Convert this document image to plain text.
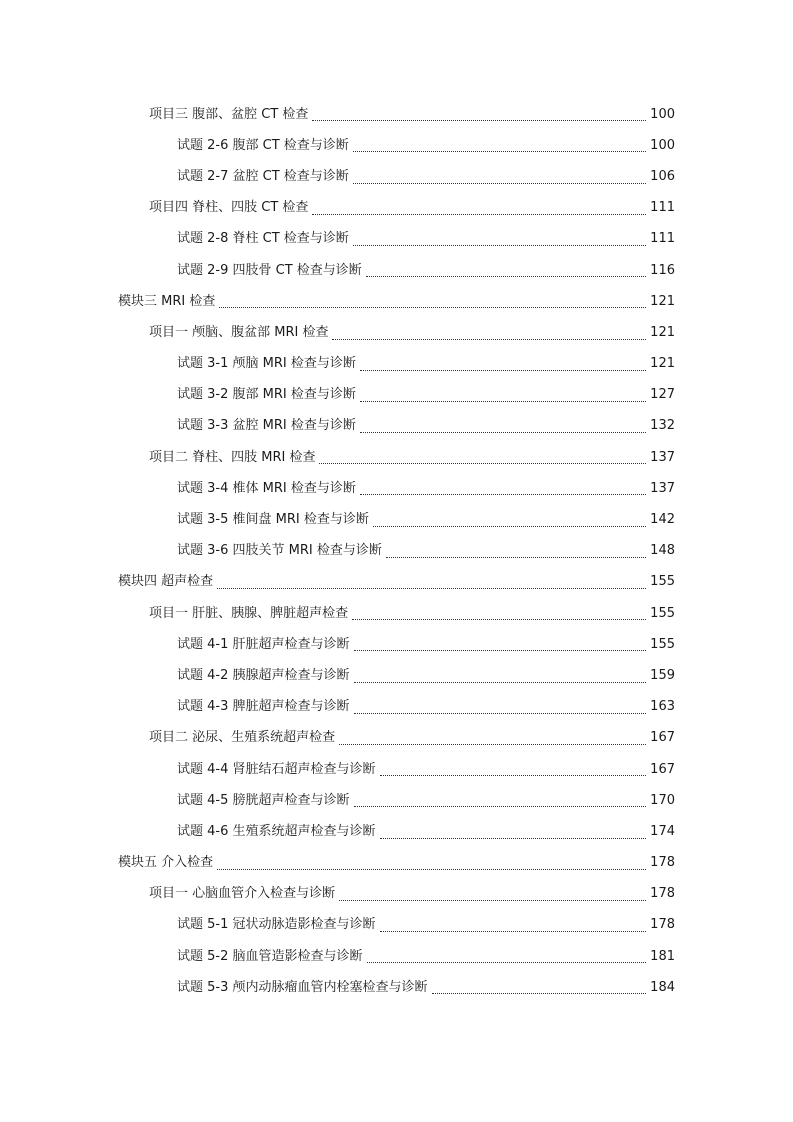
项目三 腹部、盆腔 CT 检查	100
试题 2-6 腹部 CT 检查与诊断	100
试题 2-7 盆腔 CT 检查与诊断	106
项目四 脊柱、四肢 CT 检查	111
试题 2-8 脊柱 CT 检查与诊断	111
试题 2-9 四肢骨 CT 检查与诊断	116
模块三 MRI 检查	121
项目一 颅脑、腹盆部 MRI 检查	121
试题 3-1 颅脑 MRI 检查与诊断	121
试题 3-2 腹部 MRI 检查与诊断	127
试题 3-3 盆腔 MRI 检查与诊断	132
项目二 脊柱、四肢 MRI 检查	137
试题 3-4 椎体 MRI 检查与诊断	137
试题 3-5 椎间盘 MRI 检查与诊断	142
试题 3-6 四肢关节 MRI 检查与诊断	148
模块四 超声检查	155
项目一 肝脏、胰腺、脾脏超声检查	155
试题 4-1 肝脏超声检查与诊断	155
试题 4-2 胰腺超声检查与诊断	159
试题 4-3 脾脏超声检查与诊断	163
项目二 泌尿、生殖系统超声检查	167
试题 4-4 肾脏结石超声检查与诊断	167
试题 4-5 膀胱超声检查与诊断	170
试题 4-6 生殖系统超声检查与诊断	174
模块五 介入检查	178
项目一 心脑血管介入检查与诊断	178
试题 5-1 冠状动脉造影检查与诊断	178
试题 5-2 脑血管造影检查与诊断	181
试题 5-3 颅内动脉瘤血管内栓塞检查与诊断	184
